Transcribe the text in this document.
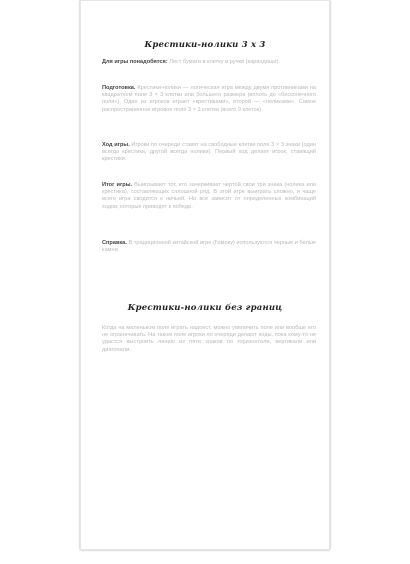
Крестики-нолики 3 х 3
Для игры понадобятся: Лист бумаги в клетку и ручки (карандаши).
Подготовка. Крестики-нолики — логическая игра между двумя противниками на квадратном поле 3 × 3 клетки или большего размера (вплоть до «бесконечного поля»). Один из игроков играет «крестиками», второй — «ноликами». Самое распространенное игровое поле 3 × 3 клетки (всего 9 клеток).
Ход игры. Игроки по очереди ставят на свободные клетки поля 3 × 3 знаки (один всегда крестики, другой всегда нолики). Первый ход делает игрок, ставящий крестики.
Итог игры. Выигрывает тот, кто зачеркивает чертой свои три знака (нолика или крестика), составляющих сплошной ряд. В этой игре выиграть сложно, и чаще всего игра сводится к ничьей. Но все зависит от определенных комбинаций ходов, которые приводят к победе.
Справка. В традиционной китайской игре (Гомоку) используются черные и белые камни.
Крестики-нолики без границ
Когда на маленьком поле играть надоест, можно увеличить поле или вообще его не ограничивать. На таком поле игроки по очереди делают ходы, пока кому-то не удастся выстроить линию из пяти знаков по горизонтали, вертикали или диагонали.
